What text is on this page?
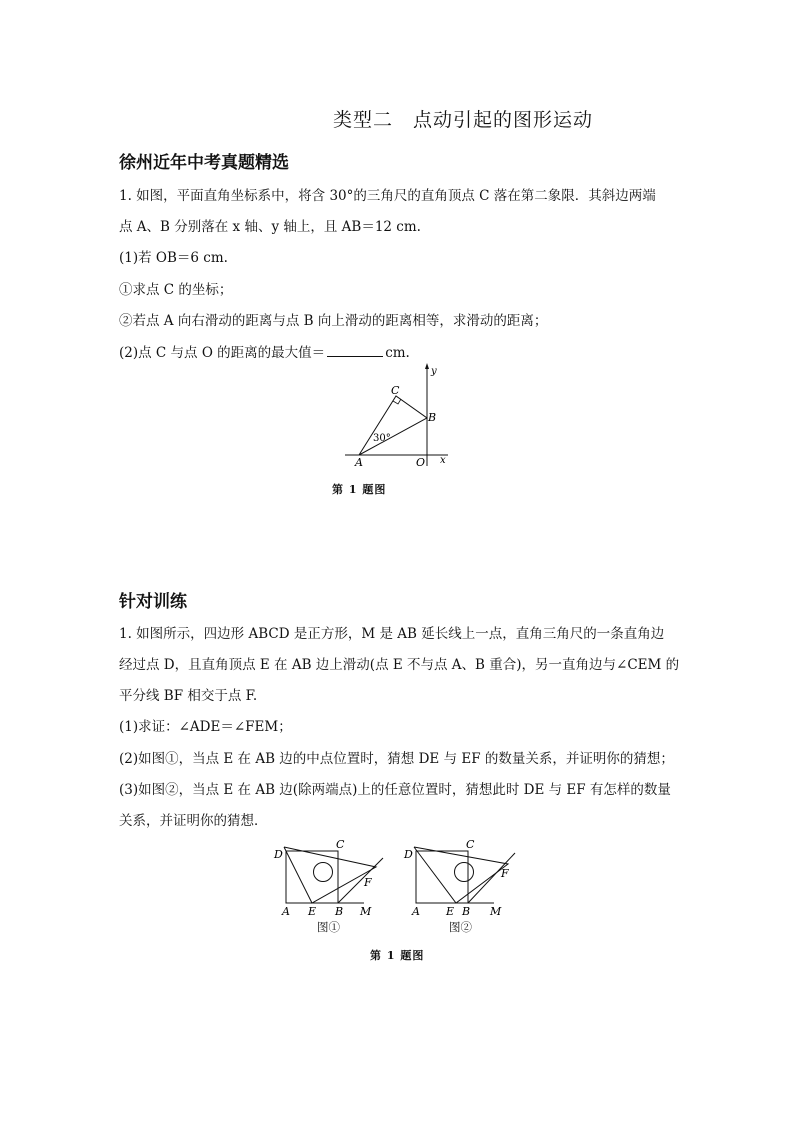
类型二　点动引起的图形运动
徐州近年中考真题精选
1. 如图，平面直角坐标系中，将含 30°的三角尺的直角顶点 C 落在第二象限．其斜边两端
点 A、B 分别落在 x 轴、y 轴上，且 AB＝12 cm.
(1)若 OB＝6 cm.
①求点 C 的坐标；
②若点 A 向右滑动的距离与点 B 向上滑动的距离相等，求滑动的距离；
(2)点 C 与点 O 的距离的最大值＝	cm.
C
B
A	O
y
x
30°
第 1 题图
针对训练
1. 如图所示，四边形 ABCD 是正方形，M 是 AB 延长线上一点，直角三角尺的一条直角边
经过点 D，且直角顶点 E 在 AB 边上滑动(点 E 不与点 A、B 重合)，另一直角边与∠CEM 的
平分线 BF 相交于点 F.
(1)求证：∠ADE＝∠FEM；
(2)如图①，当点 E 在 AB 边的中点位置时，猜想 DE 与 EF 的数量关系，并证明你的猜想；
(3)如图②，当点 E 在 AB 边(除两端点)上的任意位置时，猜想此时 DE 与 EF 有怎样的数量
关系，并证明你的猜想．
D
C
F
A E B M
图①
D
C
F
A E B M
图②
第 1 题图
